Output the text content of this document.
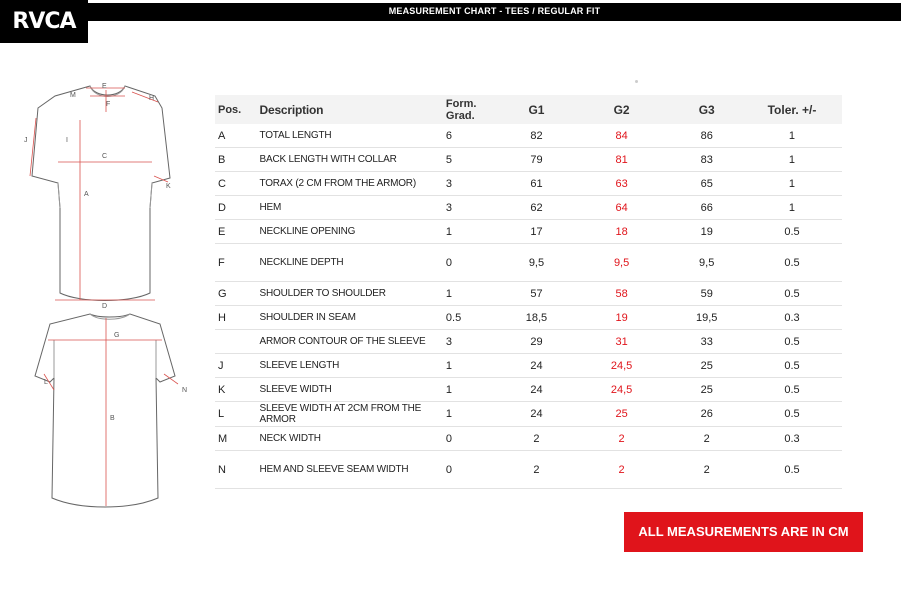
RVCA	MEASUREMENT CHART - TEES / REGULAR FIT
M
E
F
H
J	I
C
K
A
D
G
L
N
B
Pos.	Description	Form. Grad.	G1	G2	G3	Toler. +/-
A	TOTAL LENGTH	6	82	84	86	1
B	BACK LENGTH WITH COLLAR	5	79	81	83	1
C	TORAX (2 CM FROM THE ARMOR)	3	61	63	65	1
D	HEM	3	62	64	66	1
E	NECKLINE OPENING	1	17	18	19	0.5
F	NECKLINE DEPTH	0	9,5	9,5	9,5	0.5
G	SHOULDER TO SHOULDER	1	57	58	59	0.5
H	SHOULDER IN SEAM	0.5	18,5	19	19,5	0.3
	ARMOR CONTOUR OF THE SLEEVE	3	29	31	33	0.5
J	SLEEVE LENGTH	1	24	24,5	25	0.5
K	SLEEVE WIDTH	1	24	24,5	25	0.5
L	SLEEVE WIDTH AT 2CM FROM THE ARMOR	1	24	25	26	0.5
M	NECK WIDTH	0	2	2	2	0.3
N	HEM AND SLEEVE SEAM WIDTH	0	2	2	2	0.5
ALL MEASUREMENTS ARE IN CM
